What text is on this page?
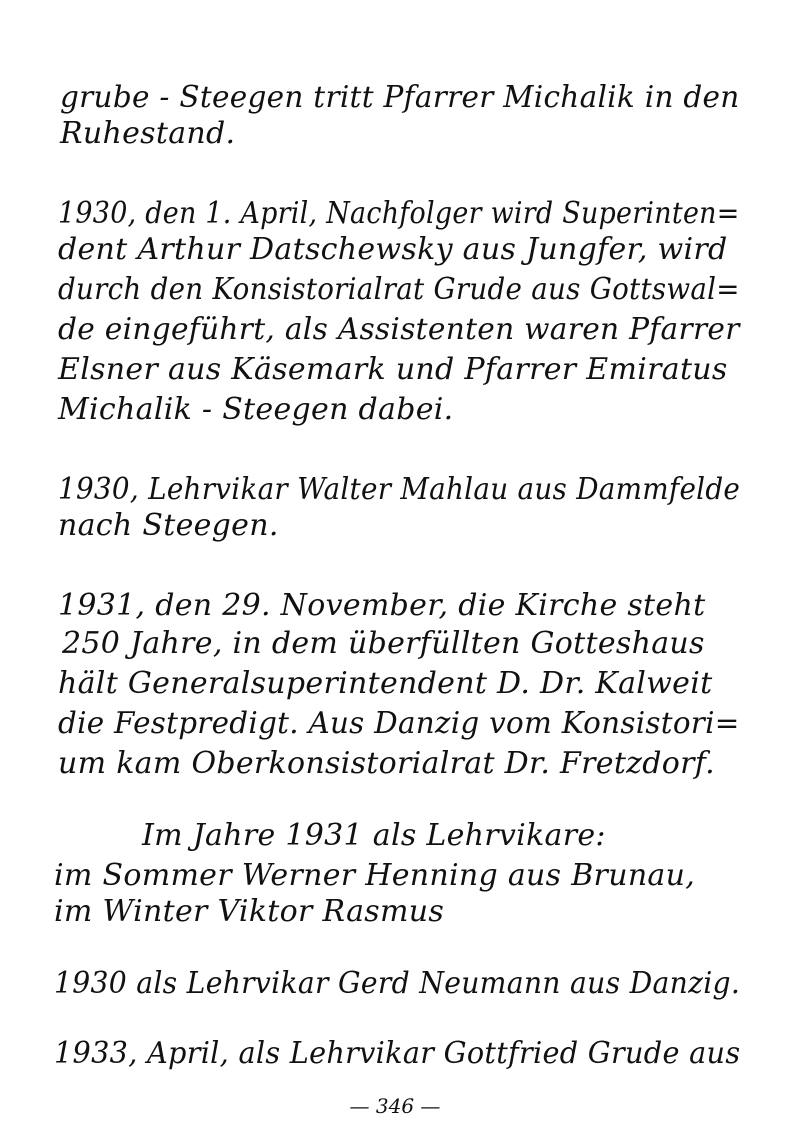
grube - Steegen tritt Pfarrer Michalik in den
Ruhestand.
1930, den 1. April, Nachfolger wird Superinten=
dent Arthur Datschewsky aus Jungfer, wird
durch den Konsistorialrat Grude aus Gottswal=
de eingeführt, als Assistenten waren Pfarrer
Elsner aus Käsemark und Pfarrer Emiratus
Michalik - Steegen dabei.
1930, Lehrvikar Walter Mahlau aus Dammfelde
nach Steegen.
1931, den 29. November, die Kirche steht
250 Jahre, in dem überfüllten Gotteshaus
hält Generalsuperintendent D. Dr. Kalweit
die Festpredigt. Aus Danzig vom Konsistori=
um kam Oberkonsistorialrat Dr. Fretzdorf.
Im Jahre 1931 als Lehrvikare:
im Sommer Werner Henning aus Brunau,
im Winter Viktor Rasmus
1930 als Lehrvikar Gerd Neumann aus Danzig.
1933, April, als Lehrvikar Gottfried Grude aus
— 346 —
